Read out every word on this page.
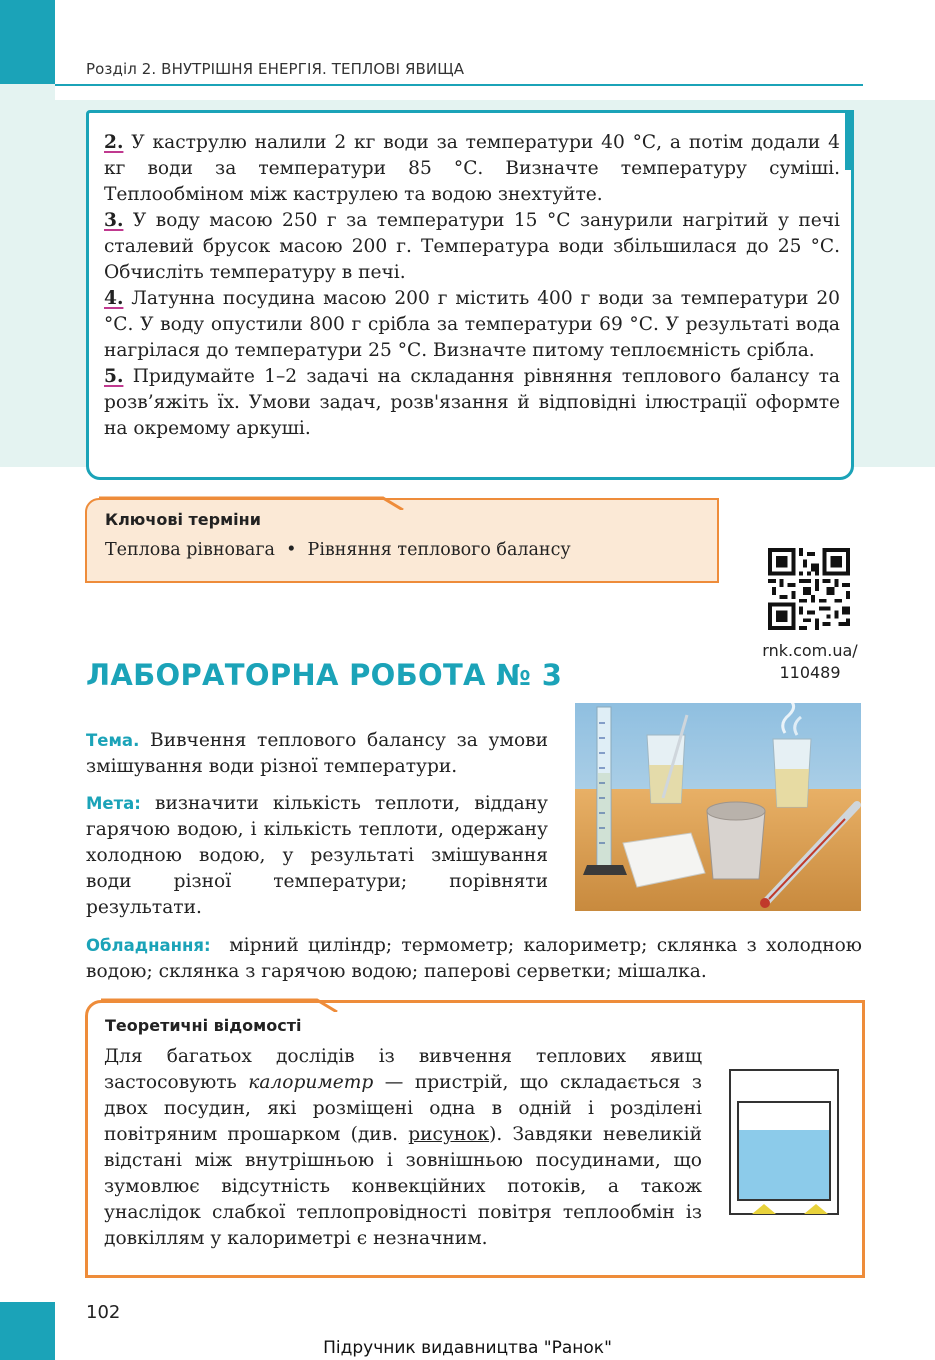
Розділ 2. ВНУТРІШНЯ ЕНЕРГІЯ. ТЕПЛОВІ ЯВИЩА

2. У каструлю налили 2 кг води за температури 40 °С, а потім додали 4 кг води за температури 85 °С. Визначте температуру суміші. Теплообміном між каструлею та водою знехтуйте.

3. У воду масою 250 г за температури 15 °С занурили нагрітий у печі сталевий брусок масою 200 г. Температура води збільшилася до 25 °С. Обчисліть температуру в печі.

4. Латунна посудина масою 200 г містить 400 г води за температури 20 °С. У воду опустили 800 г срібла за температури 69 °С. У результаті вода нагрілася до температури 25 °С. Визначте питому теплоємність срібла.

5. Придумайте 1–2 задачі на складання рівняння теплового балансу та розв’яжіть їх. Умови задач, розв'язання й відповідні ілюстрації оформте на окремому аркуші.

Ключові терміни
Теплова рівновага • Рівняння теплового балансу
rnk.com.ua/
110489
ЛАБОРАТОРНА РОБОТА № 3

Тема. Вивчення теплового балансу за умови змішування води різної температури.

Мета: визначити кількість теплоти, віддану гарячою водою, і кількість теплоти, одержану холодною водою, у результаті змішування води різної температури; порівняти результати.

Обладнання: мірний циліндр; термометр; калориметр; склянка з холодною водою; склянка з гарячою водою; паперові серветки; мішалка.

Теоретичні відомості

Для багатьох дослідів із вивчення теплових явищ застосовують калориметр — пристрій, що складається з двох посудин, які розміщені одна в одній і розділені повітряним прошарком (див. рисунок). Завдяки невеликій відстані між внутрішньою і зовнішньою посудинами, що зумовлює відсутність конвекційних потоків, а також унаслідок слабкої теплопровідності повітря теплообмін із довкіллям у калориметрі є незначним.

102
Підручник видавництва "Ранок"
